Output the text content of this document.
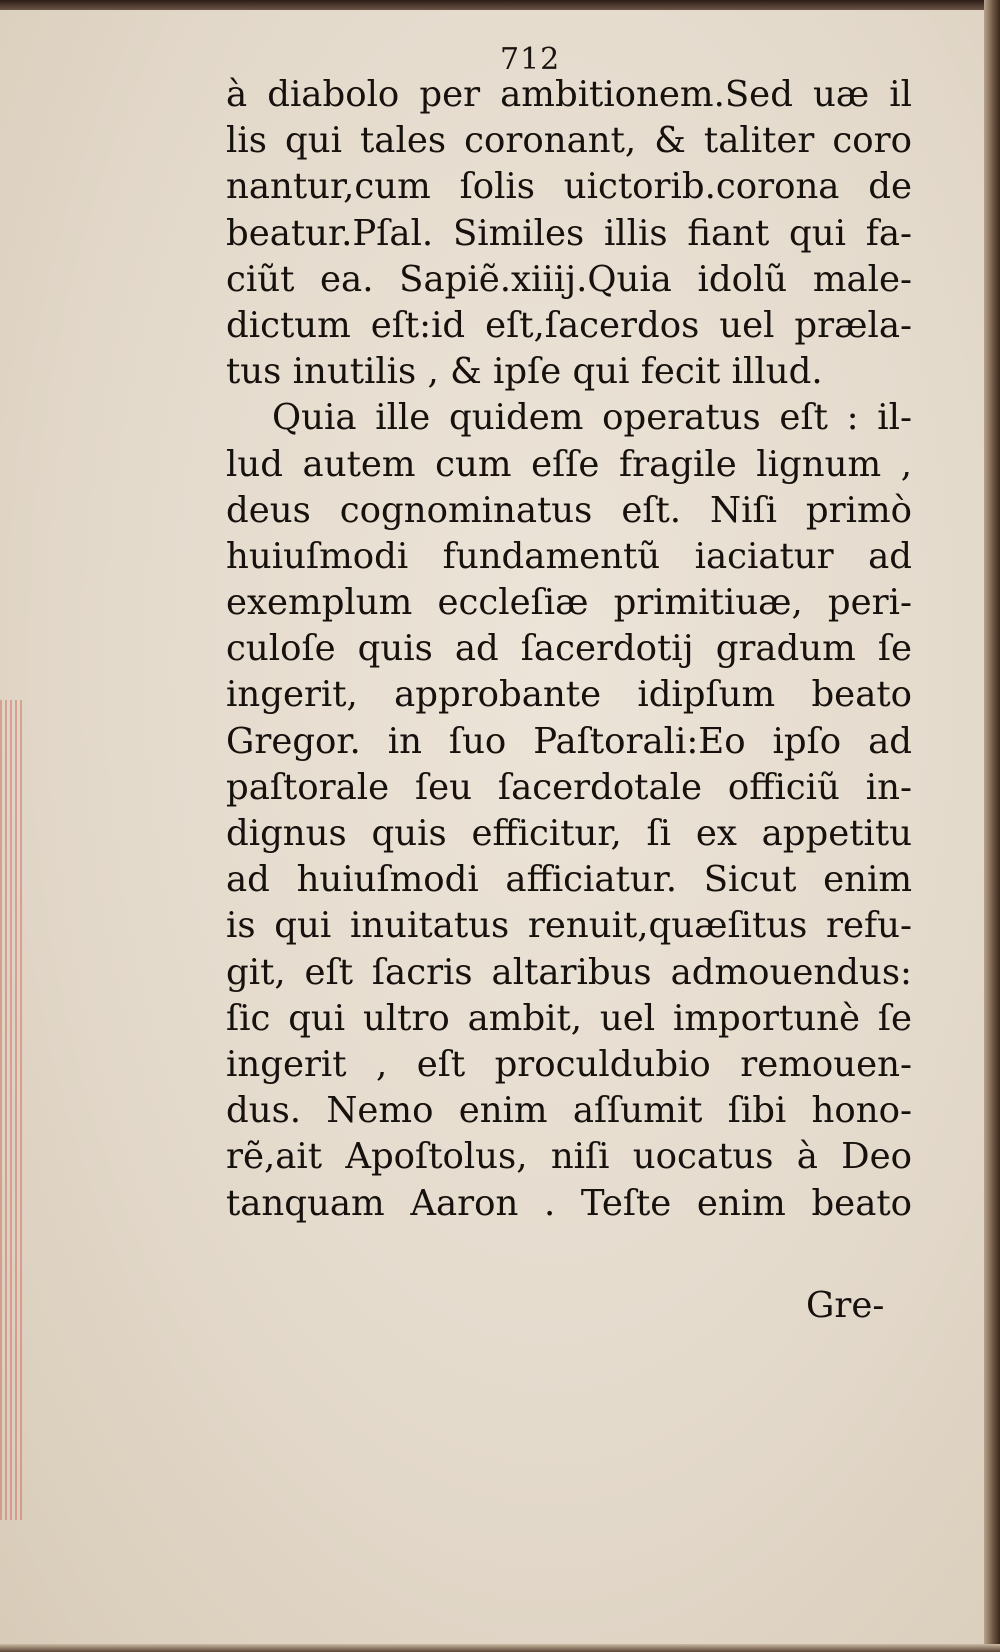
712
à diabolo per ambitionem.Sed uæ il
lis qui tales coronant, & taliter coro
nantur,cum ſolis uictorib.corona de
beatur.Pſal. Similes illis fiant qui fa-
ciũt ea. Sapiẽ.xiiij.Quia idolũ male-
dictum eſt:id eſt,ſacerdos uel præla-
tus inutilis , & ipſe qui fecit illud.
Quia ille quidem operatus eſt : il-
lud autem cum eſſe fragile lignum ,
deus cognominatus eſt. Niſi primò
huiuſmodi fundamentũ iaciatur ad
exemplum eccleſiæ primitiuæ, peri-
culoſe quis ad ſacerdotij gradum ſe
ingerit, approbante idipſum beato
Gregor. in ſuo Paſtorali:Eo ipſo ad
paſtorale ſeu ſacerdotale officiũ in-
dignus quis efficitur, ſi ex appetitu
ad huiuſmodi afficiatur. Sicut enim
is qui inuitatus renuit,quæſitus refu-
git, eſt ſacris altaribus admouendus:
ſic qui ultro ambit, uel importunè ſe
ingerit , eſt proculdubio remouen-
dus. Nemo enim aſſumit ſibi hono-
rẽ,ait Apoſtolus, niſi uocatus à Deo
tanquam Aaron . Teſte enim beato
Gre-
